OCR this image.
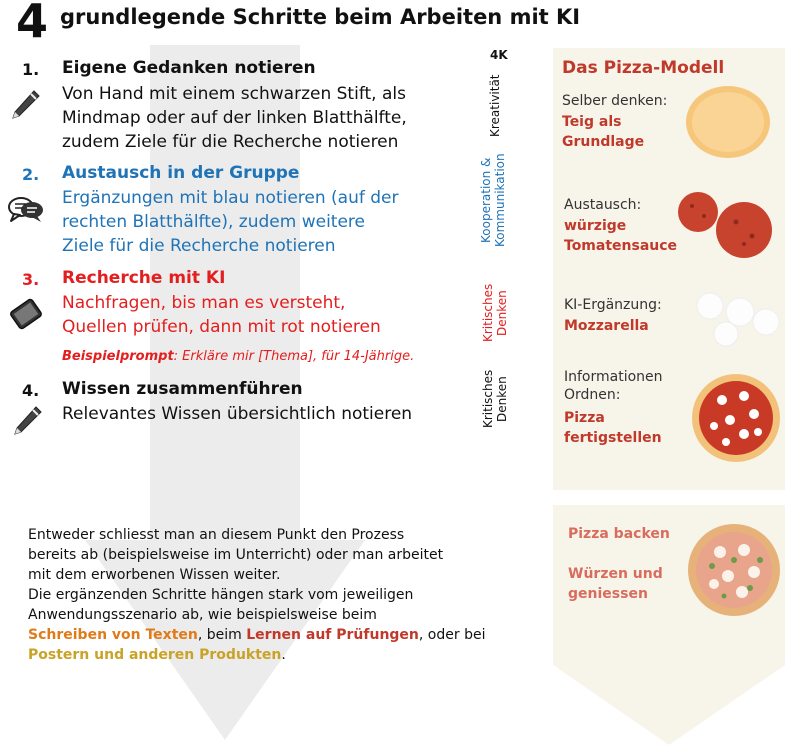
4 grundlegende Schritte beim Arbeiten mit KI
1. Eigene Gedanken notieren
Von Hand mit einem schwarzen Stift, als
Mindmap oder auf der linken Blatthälfte,
zudem Ziele für die Recherche notieren
2. Austausch in der Gruppe
Ergänzungen mit blau notieren (auf der
rechten Blatthälfte), zudem weitere
Ziele für die Recherche notieren
3. Recherche mit KI
Nachfragen, bis man es versteht,
Quellen prüfen, dann mit rot notieren
Beispielprompt: Erkläre mir [Thema], für 14-Jährige.
4. Wissen zusammenführen
Relevantes Wissen übersichtlich notieren
4K
Kreativität
Kooperation & Kommunikation
Kritisches Denken
Kritisches Denken
Das Pizza-Modell
Selber denken:
Teig als
Grundlage
Austausch:
würzige
Tomatensauce
KI-Ergänzung:
Mozzarella
Informationen
Ordnen:
Pizza
fertigstellen
Pizza backen
Würzen und
geniessen
Entweder schliesst man an diesem Punkt den Prozess
bereits ab (beispielsweise im Unterricht) oder man arbeitet
mit dem erworbenen Wissen weiter.
Die ergänzenden Schritte hängen stark vom jeweiligen
Anwendungsszenario ab, wie beispielsweise beim
Schreiben von Texten, beim Lernen auf Prüfungen, oder bei
Postern und anderen Produkten.
